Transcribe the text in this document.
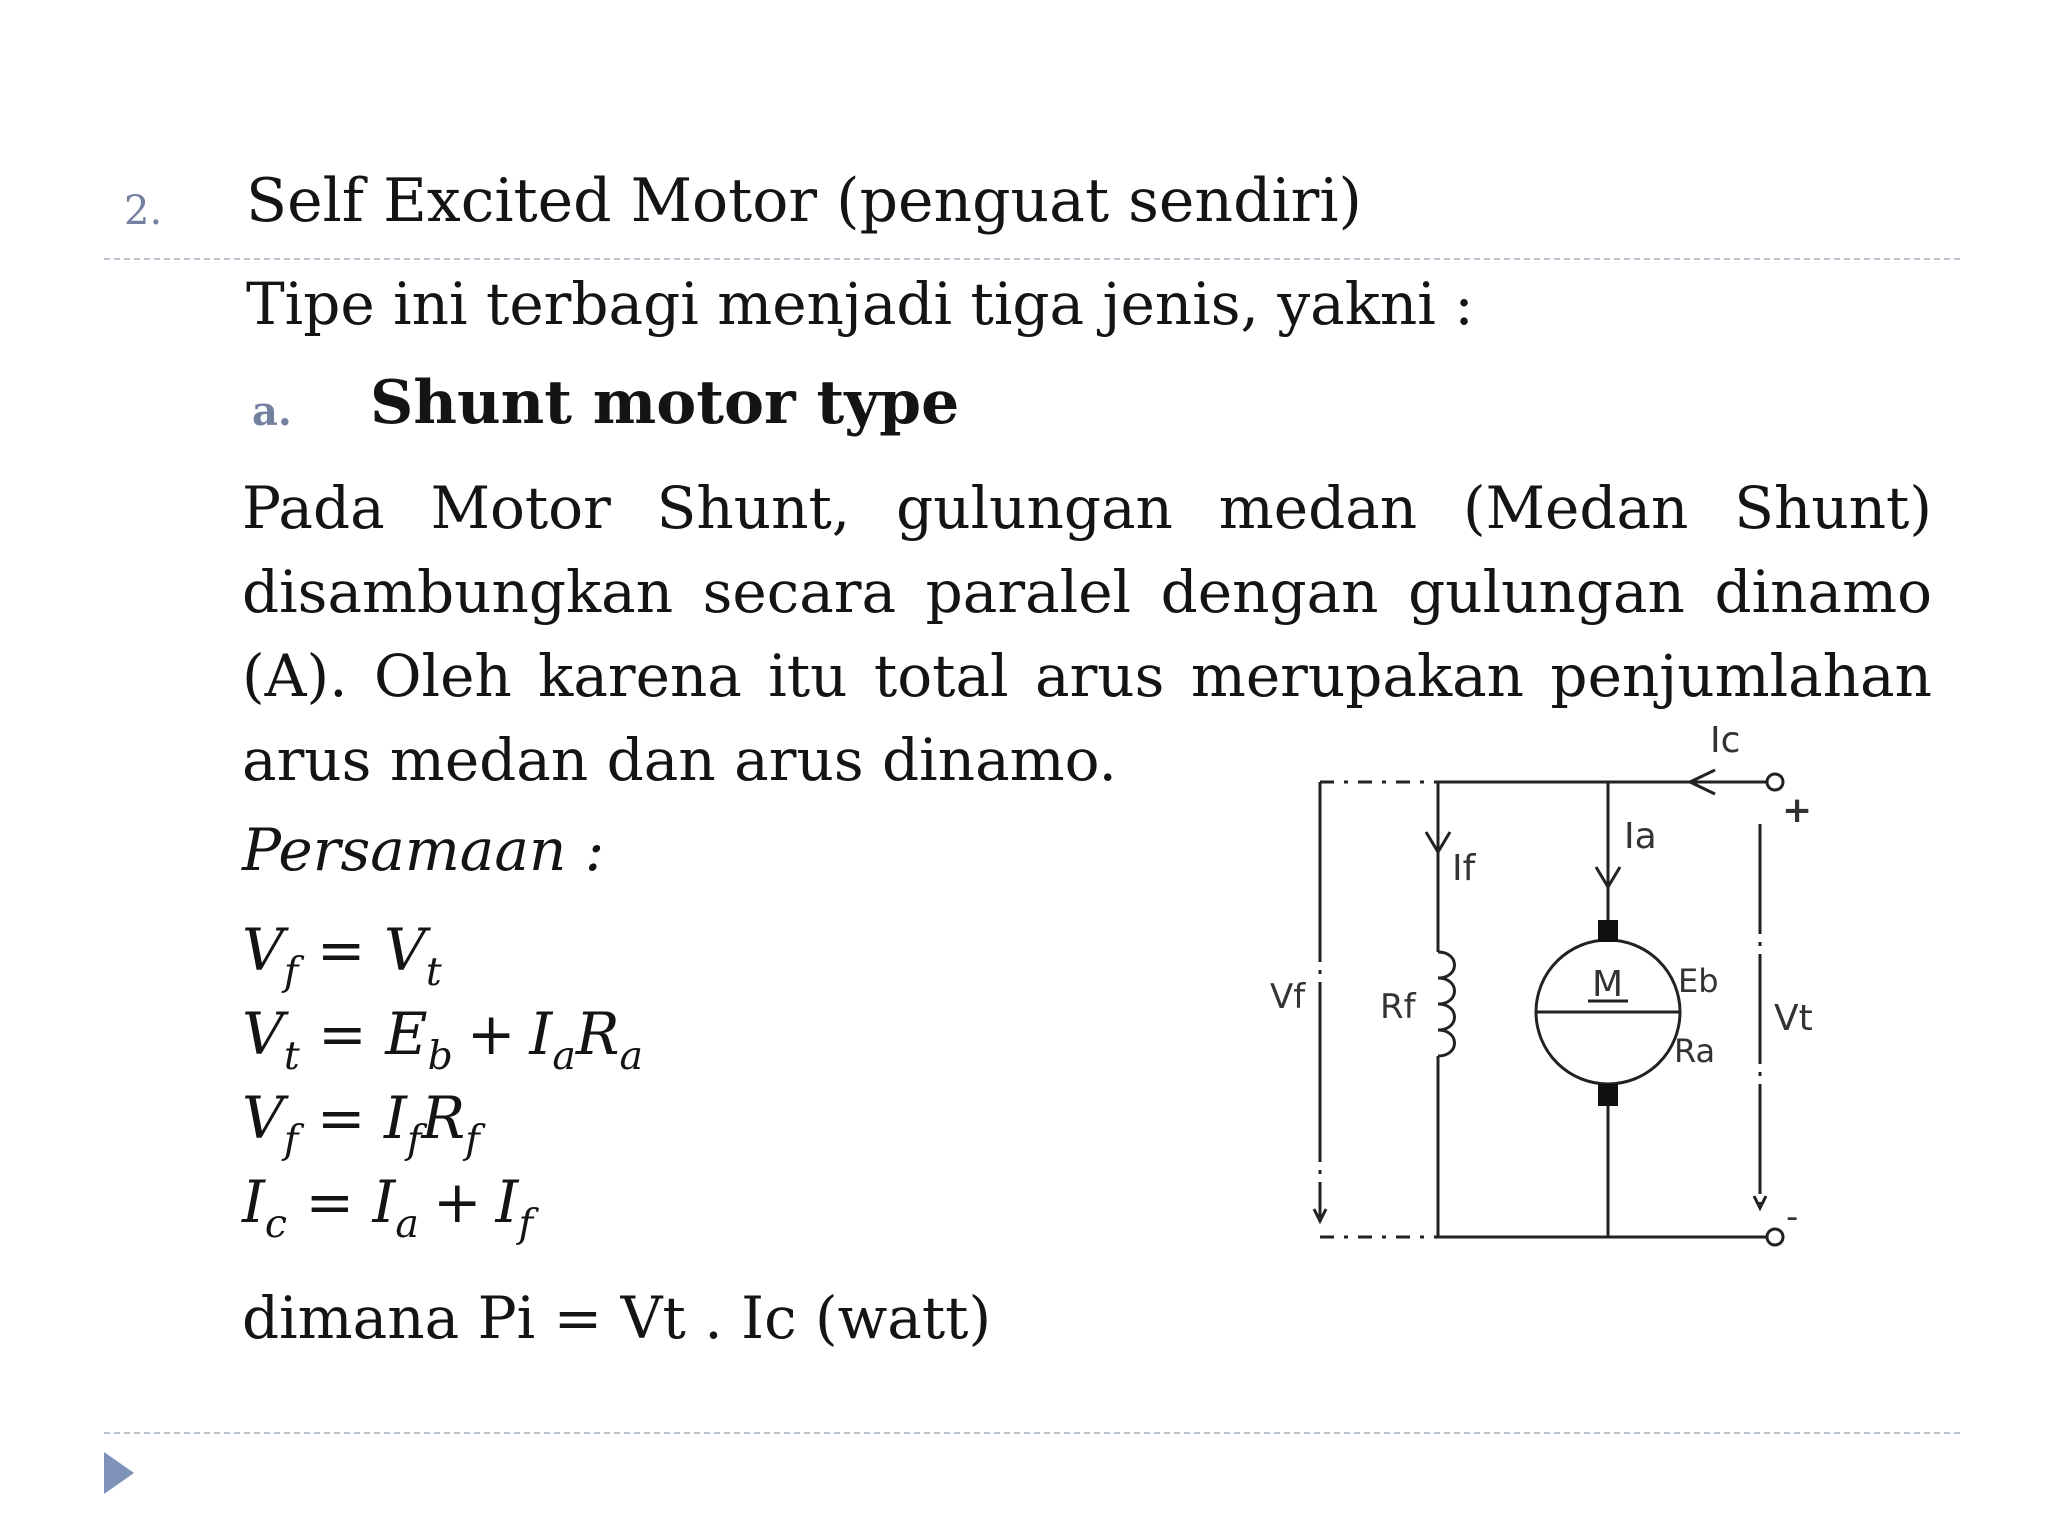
2. Self Excited Motor (penguat sendiri)
Tipe ini terbagi menjadi tiga jenis, yakni :
a. Shunt motor type
Pada Motor Shunt, gulungan medan (Medan Shunt)
disambungkan secara paralel dengan gulungan dinamo
(A). Oleh karena itu total arus merupakan penjumlahan
arus medan dan arus dinamo.
Persamaan :
$V_f = V_t$
$V_t = E_b + I_aR_a$
$V_f = I_fR_f$
$I_c = I_a + I_f$
dimana Pi = Vt . Ic (watt)
Ic
Ia
If
Vf Rf
M Eb
Ra
Vt
+
-
